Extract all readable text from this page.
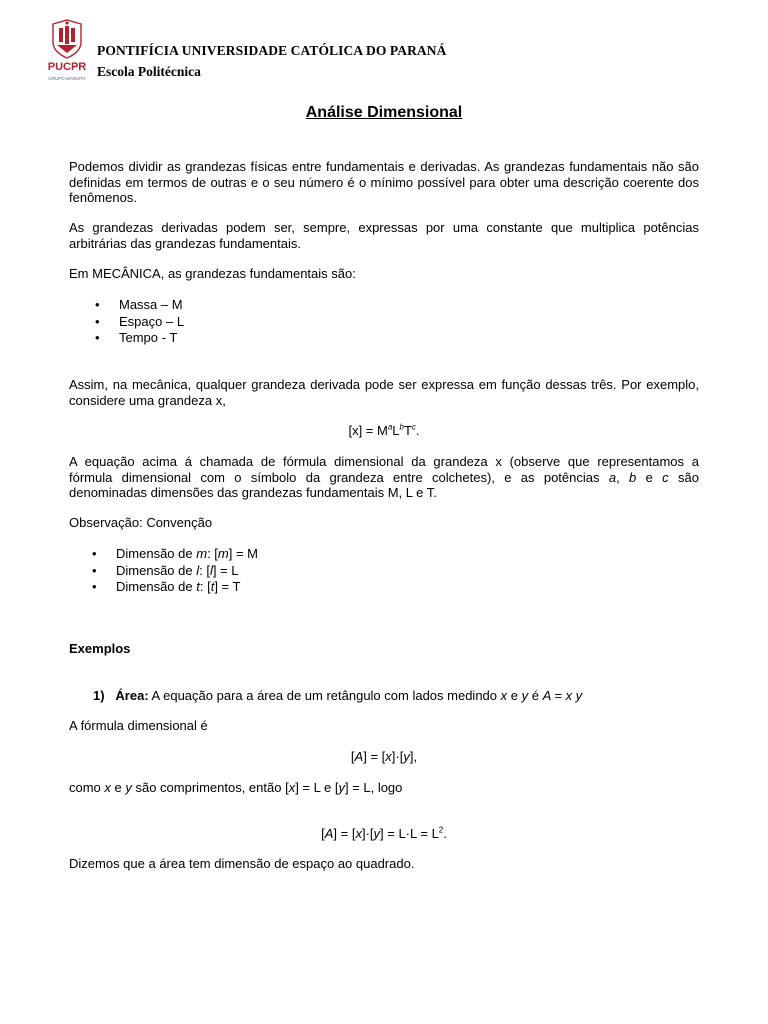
PUCPR
GRUPO MARISTA
PONTIFÍCIA UNIVERSIDADE CATÓLICA DO PARANÁ
Escola Politécnica
Análise Dimensional
Podemos dividir as grandezas físicas entre fundamentais e derivadas. As grandezas fundamentais não são definidas em termos de outras e o seu número é o mínimo possível para obter uma descrição coerente dos fenômenos.
As grandezas derivadas podem ser, sempre, expressas por uma constante que multiplica potências arbitrárias das grandezas fundamentais.
Em MECÂNICA, as grandezas fundamentais são:
• Massa – M
• Espaço – L
• Tempo - T
Assim, na mecânica, qualquer grandeza derivada pode ser expressa em função dessas três. Por exemplo, considere uma grandeza x,
$[x] = M^aL^bT^c$.
A equação acima á chamada de fórmula dimensional da grandeza x (observe que representamos a
fórmula dimensional com o símbolo da grandeza entre colchetes), e as potências a, b e c são
denominadas dimensões das grandezas fundamentais M, L e T.
Observação: Convenção
• Dimensão de m: [m] = M
• Dimensão de l: [l] = L
• Dimensão de t: [t] = T
Exemplos
1) Área: A equação para a área de um retângulo com lados medindo x e y é A = x y
A fórmula dimensional é
[A] = [x]·[y],
como x e y são comprimentos, então [x] = L e [y] = L, logo
$[A] = [x]\cdot[y] = L\cdot L = L^2$.
Dizemos que a área tem dimensão de espaço ao quadrado.
